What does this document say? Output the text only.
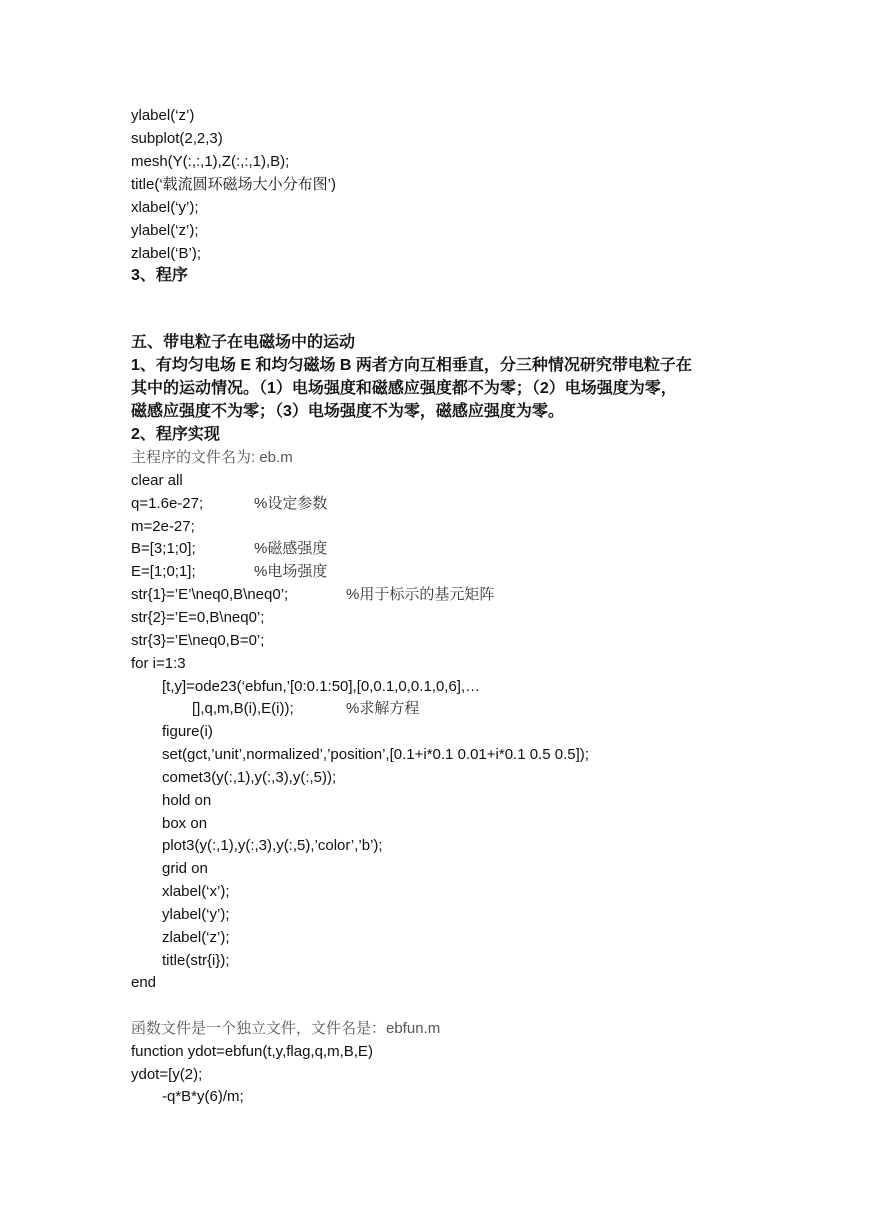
ylabel(‘z’)
subplot(2,2,3)
mesh(Y(:,:,1),Z(:,:,1),B);
title(‘载流圆环磁场大小分布图’)
xlabel(‘y’);
ylabel(‘z’);
zlabel(‘B’);
3、程序
五、带电粒子在电磁场中的运动
1、有均匀电场 E 和均匀磁场 B 两者方向互相垂直，分三种情况研究带电粒子在
其中的运动情况。（1）电场强度和磁感应强度都不为零；（2）电场强度为零，
磁感应强度不为零；（3）电场强度不为零，磁感应强度为零。
2、程序实现
主程序的文件名为: eb.m
clear all
q=1.6e-27;	%设定参数
m=2e-27;
B=[3;1;0];	%磁感强度
E=[1;0;1];	%电场强度
str{1}=’E’\neq0,B\neq0’;	%用于标示的基元矩阵
str{2}=’E=0,B\neq0’;
str{3}=’E\neq0,B=0’;
for i=1:3
[t,y]=ode23(‘ebfun,’[0:0.1:50],[0,0.1,0,0.1,0,6],…
[],q,m,B(i),E(i));	%求解方程
figure(i)
set(gct,’unit’,normalized’,’position’,[0.1+i*0.1 0.01+i*0.1 0.5 0.5]);
comet3(y(:,1),y(:,3),y(:,5));
hold on
box on
plot3(y(:,1),y(:,3),y(:,5),’color’,’b’);
grid on
xlabel(‘x’);
ylabel(‘y’);
zlabel(‘z’);
title(str{i});
end
函数文件是一个独立文件，文件名是：ebfun.m
function ydot=ebfun(t,y,flag,q,m,B,E)
ydot=[y(2);
-q*B*y(6)/m;
